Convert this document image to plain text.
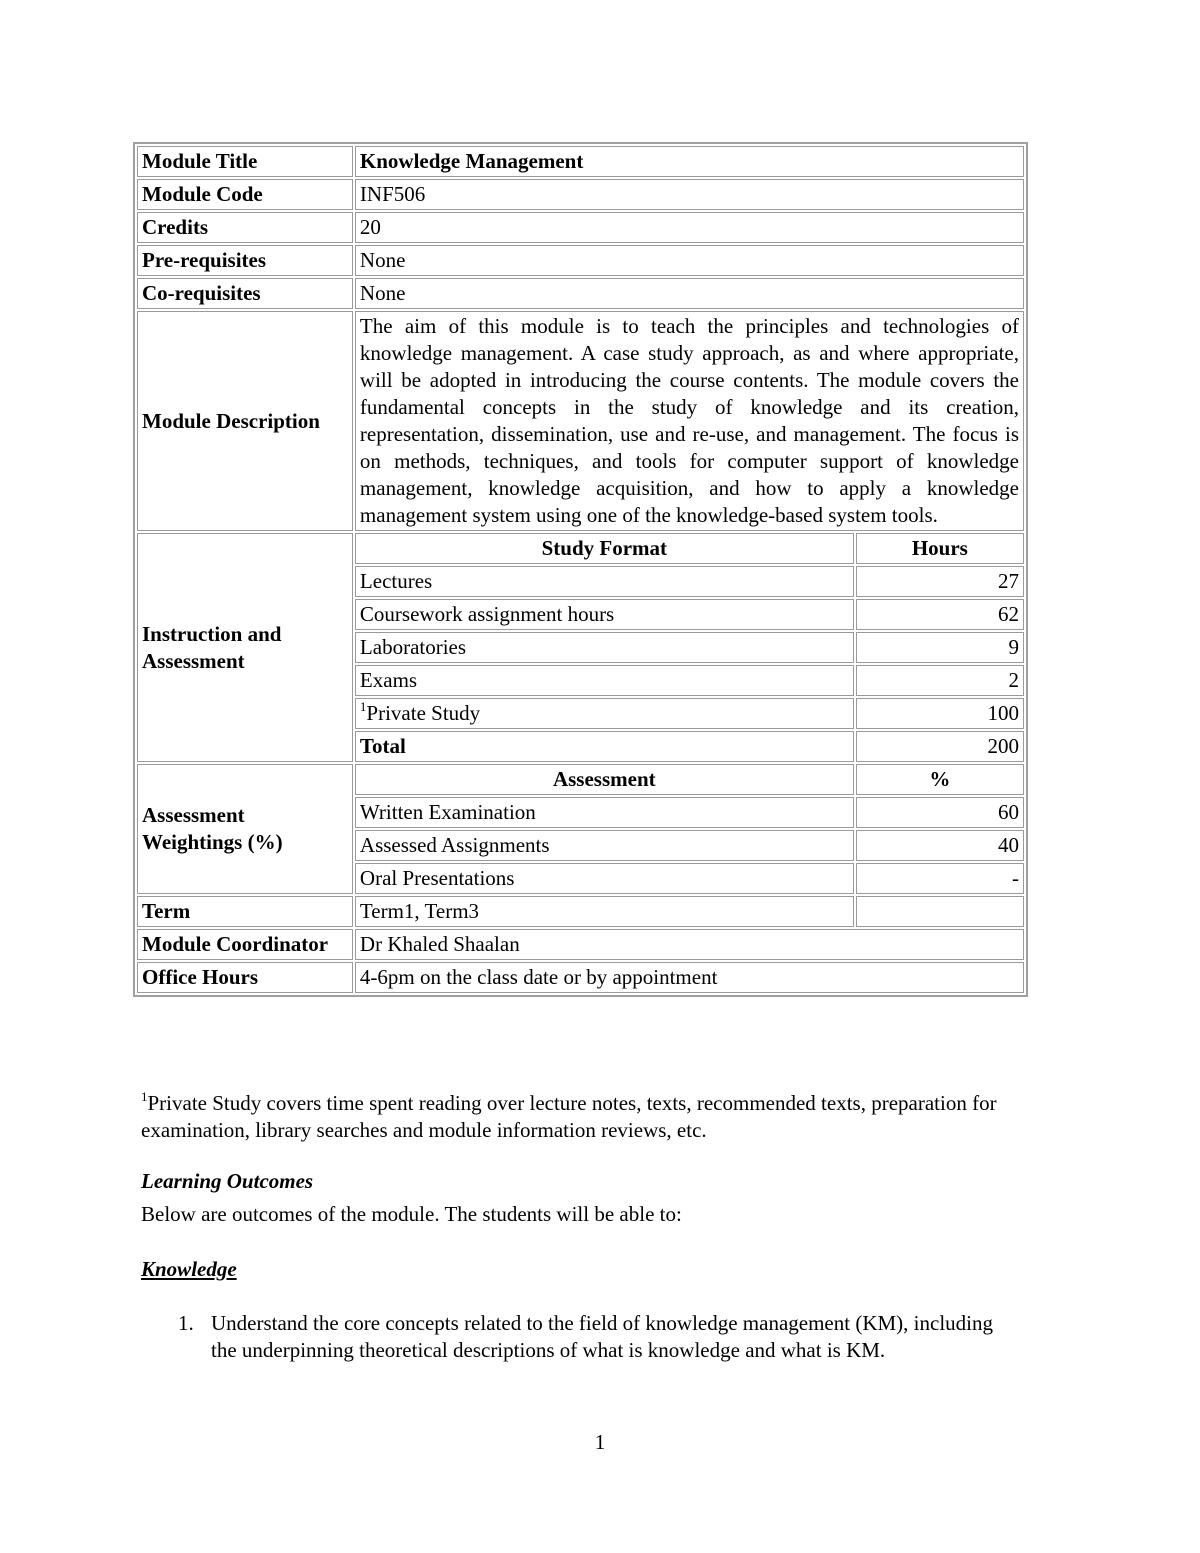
Module Title	Knowledge Management	
Module Code	INF506	
Credits	20	
Pre-requisites	None	
Co-requisites	None	
Module Description	The aim of this module is to teach the principles and technologies of knowledge management. A case study approach, as and where appropriate, will be adopted in introducing the course contents. The module covers the fundamental concepts in the study of knowledge and its creation, representation, dissemination, use and re-use, and management. The focus is on methods, techniques, and tools for computer support of knowledge management, knowledge acquisition, and how to apply a knowledge management system using one of the knowledge-based system tools.	
Instruction and Assessment	Study Format	Hours
	Lectures	27
	Coursework assignment hours	62
	Laboratories	9
	Exams	2
	$^1$Private Study	100
	Total	200
Assessment Weightings (%)	Assessment	%
	Written Examination	60
	Assessed Assignments	40
	Oral Presentations	-
Term	Term1, Term3	
Module Coordinator	Dr Khaled Shaalan	
Office Hours	4-6pm on the class date or by appointment	
$^1$Private Study covers time spent reading over lecture notes, texts, recommended texts, preparation for examination, library searches and module information reviews, etc.
Learning Outcomes
Below are outcomes of the module. The students will be able to:
Knowledge
1. Understand the core concepts related to the field of knowledge management (KM), including the underpinning theoretical descriptions of what is knowledge and what is KM.
1
